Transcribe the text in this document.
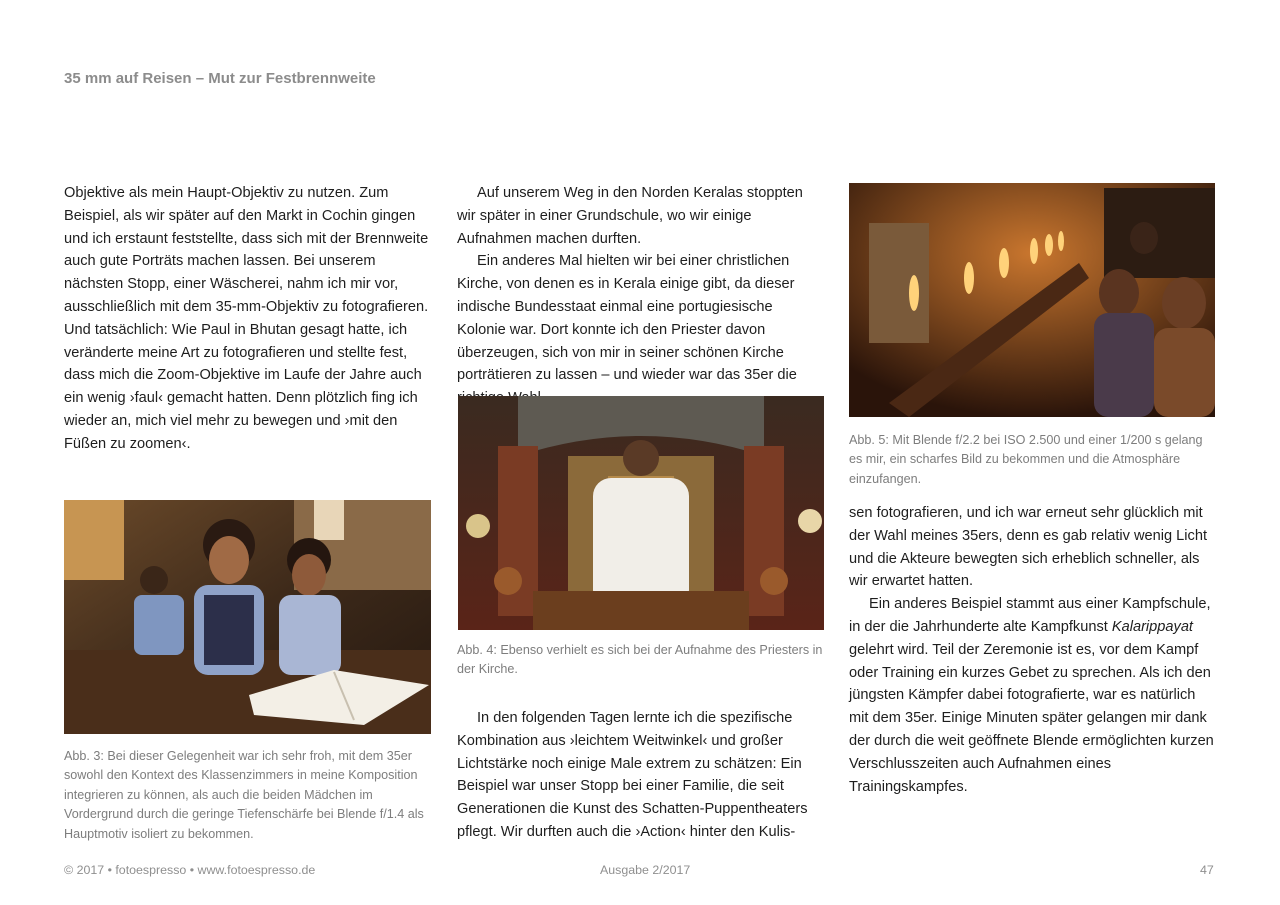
35 mm auf Reisen – Mut zur Festbrennweite

Objektive als mein Haupt-Objektiv zu nutzen. Zum Beispiel, als wir später auf den Markt in Cochin gingen und ich erstaunt feststellte, dass sich mit der Brennweite auch gute Porträts machen lassen. Bei unserem nächsten Stopp, einer Wäscherei, nahm ich mir vor, ausschließlich mit dem 35-mm-Objektiv zu fotografieren. Und tatsächlich: Wie Paul in Bhutan gesagt hatte, ich veränderte meine Art zu fotografieren und stellte fest, dass mich die Zoom-Objektive im Laufe der Jahre auch ein wenig ›faul‹ gemacht hatten. Denn plötzlich fing ich wieder an, mich viel mehr zu bewegen und ›mit den Füßen zu zoomen‹.

Abb. 3: Bei dieser Gelegenheit war ich sehr froh, mit dem 35er sowohl den Kontext des Klassenzimmers in meine Komposition integrieren zu können, als auch die beiden Mädchen im Vordergrund durch die geringe Tiefenschärfe bei Blende f/1.4 als Hauptmotiv isoliert zu bekommen.

Auf unserem Weg in den Norden Keralas stoppten wir später in einer Grundschule, wo wir einige Aufnahmen machen durften.

Ein anderes Mal hielten wir bei einer christlichen Kirche, von denen es in Kerala einige gibt, da dieser indische Bundesstaat einmal eine portugiesische Kolonie war. Dort konnte ich den Priester davon überzeugen, sich von mir in seiner schönen Kirche porträtieren zu lassen – und wieder war das 35er die

Abb. 4: Ebenso verhielt es sich bei der Aufnahme des Priesters in der Kirche.

In den folgenden Tagen lernte ich die spezifische Kombination aus ›leichtem Weitwinkel‹ und großer Lichtstärke noch einige Male extrem zu schätzen: Ein Beispiel war unser Stopp bei einer Familie, die seit Generationen die Kunst des Schatten-Puppentheaters pflegt. Wir durften auch die ›Action‹ hinter den Kulis-

Abb. 5: Mit Blende f/2.2 bei ISO 2.500 und einer 1/200 s gelang es mir, ein scharfes Bild zu bekommen und die Atmosphäre einzufangen.

sen fotografieren, und ich war erneut sehr glücklich mit der Wahl meines 35ers, denn es gab relativ wenig Licht und die Akteure bewegten sich erheblich schneller, als wir erwartet hatten.

Ein anderes Beispiel stammt aus einer Kampfschule, in der die Jahrhunderte alte Kampfkunst Kalarippayat gelehrt wird. Teil der Zeremonie ist es, vor dem Kampf oder Training ein kurzes Gebet zu sprechen. Als ich den jüngsten Kämpfer dabei fotografierte, war es natürlich mit dem 35er. Einige Minuten später gelangen mir dank der durch die weit geöffnete Blende ermöglichten kurzen Verschlusszeiten auch Aufnahmen eines Trainingskampfes.

© 2017 • fotoespresso • www.fotoespresso.de	Ausgabe 2/2017	47
